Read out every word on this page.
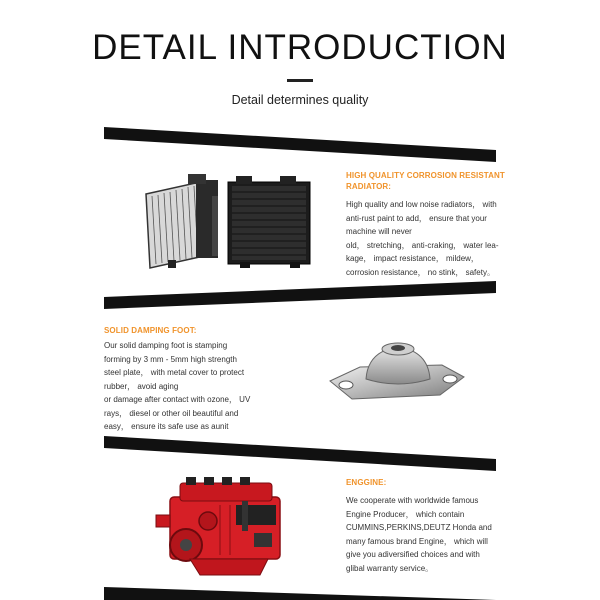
DETAIL INTRODUCTION
Detail determines quality
HIGH QUALITY CORROSION RESISTANT
RADIATOR:

High quality and low noise radiators， with

anti-rust paint to add， ensure that your

machine will never

old， stretching， anti-craking， water lea-

kage， impact resistance， mildew，

corrosion resistance， no stink， safety。

SOLID DAMPING FOOT:

Our solid damping foot is stamping

forming by 3 mm - 5mm high strength

steel plate， with metal cover to protect

rubber， avoid aging

or damage after contact with ozone， UV

rays， diesel or other oil beautiful and

easy， ensure its safe use as aunit

ENGGINE:

We cooperate with worldwide famous

Engine Producer， which contain

CUMMINS,PERKINS,DEUTZ Honda and

many famous brand Engine， which will

give you adiversified choices and with

glibal warranty service。
